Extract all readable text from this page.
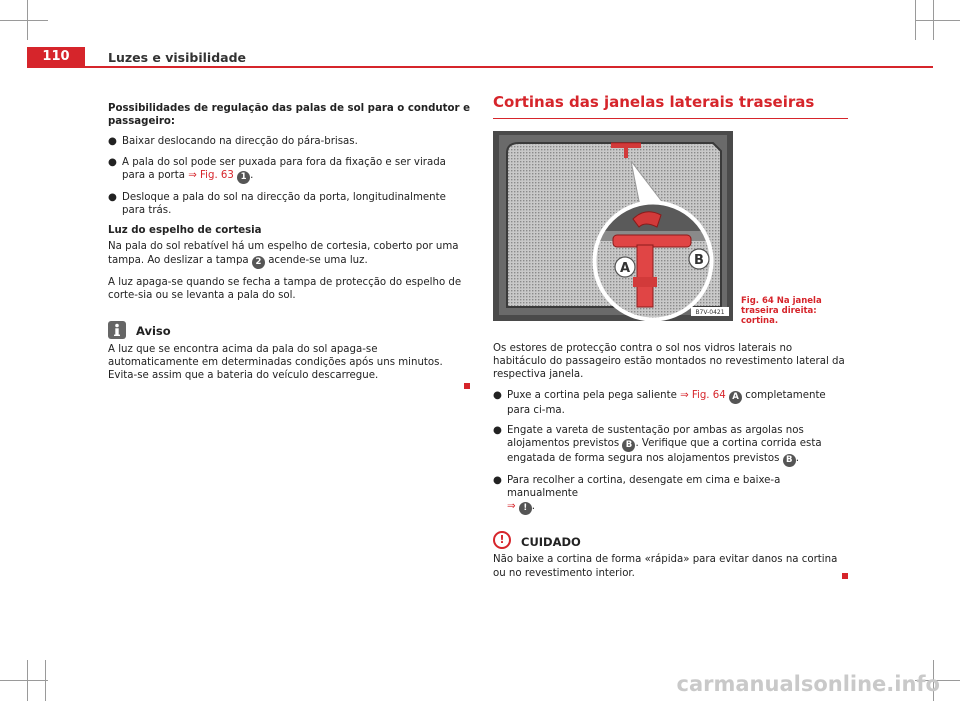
110	Luzes e visibilidade
Possibilidades de regulação das palas de sol para o condutor e passageiro:
● Baixar deslocando na direcção do pára-brisas.
● A pala do sol pode ser puxada para fora da fixação e ser virada para a porta ⇒ Fig. 63 1 .
● Desloque a pala do sol na direcção da porta, longitudinalmente para trás.
Luz do espelho de cortesia
Na pala do sol rebatível há um espelho de cortesia, coberto por uma tampa. Ao deslizar a tampa 2 acende-se uma luz.
A luz apaga-se quando se fecha a tampa de protecção do espelho de corte-sia ou se levanta a pala do sol.
Aviso
A luz que se encontra acima da pala do sol apaga-se automaticamente em determinadas condições após uns minutos. Evita-se assim que a bateria do veículo descarregue.
Cortinas das janelas laterais traseiras
A
B
B7V-0421
Fig. 64 Na janela traseira direita: cortina.
Os estores de protecção contra o sol nos vidros laterais no habitáculo do passageiro estão montados no revestimento lateral da respectiva janela.
● Puxe a cortina pela pega saliente ⇒ Fig. 64 A completamente para ci-ma.
● Engate a vareta de sustentação por ambas as argolas nos alojamentos previstos B . Verifique que a cortina corrida esta engatada de forma segura nos alojamentos previstos B .
● Para recolher a cortina, desengate em cima e baixe-a manualmente
⇒ ! .
!	CUIDADO
Não baixe a cortina de forma «rápida» para evitar danos na cortina ou no revestimento interior.
carmanualsonline.info
